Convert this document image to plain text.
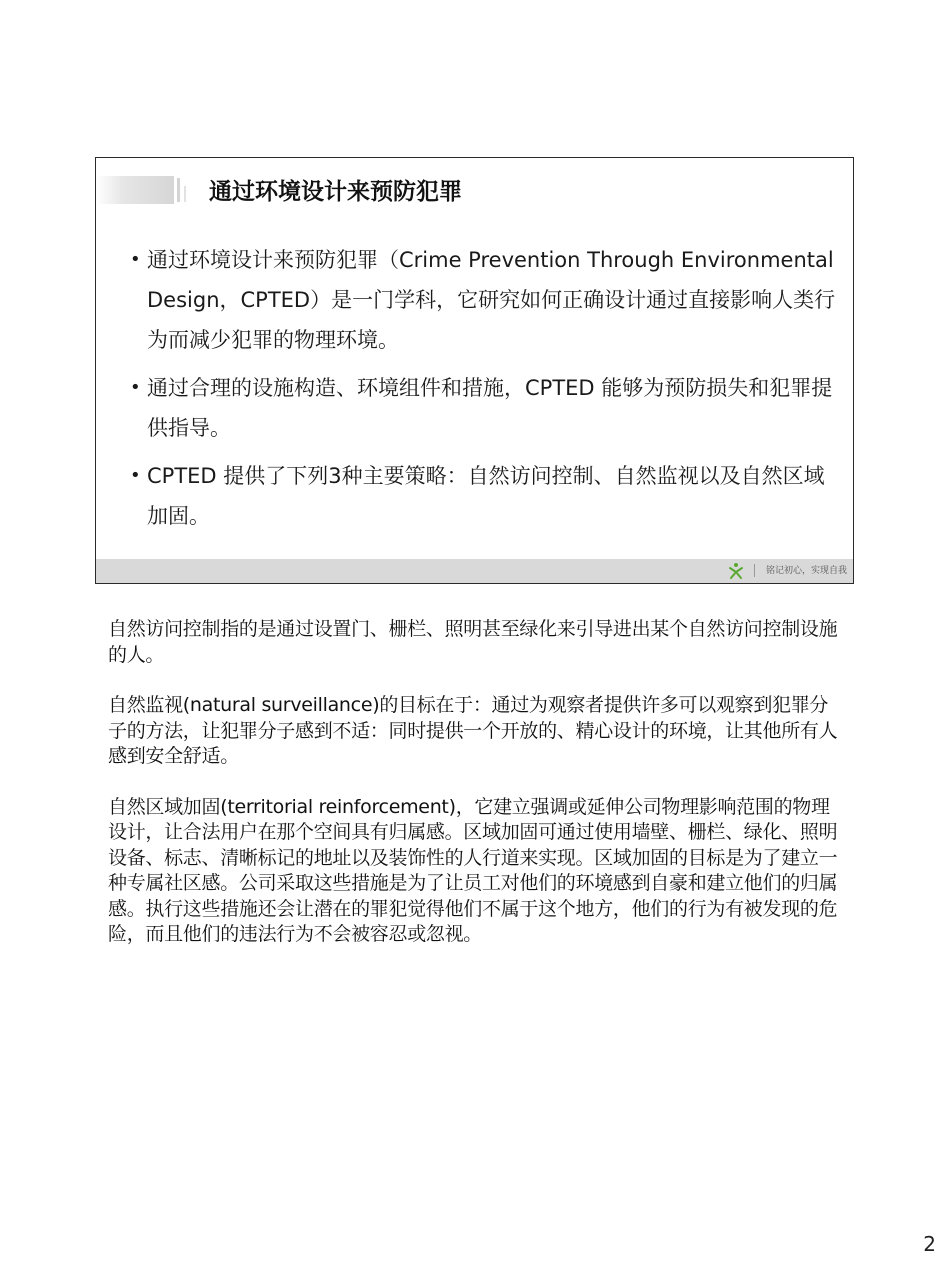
通过环境设计来预防犯罪
• 通过环境设计来预防犯罪（Crime Prevention Through Environmental Design，CPTED）是一门学科，它研究如何正确设计通过直接影响人类行为而减少犯罪的物理环境。
• 通过合理的设施构造、环境组件和措施，CPTED 能够为预防损失和犯罪提供指导。
• CPTED 提供了下列3种主要策略：自然访问控制、自然监视以及自然区域加固。
铭记初心，实现自我

自然访问控制指的是通过设置门、栅栏、照明甚至绿化来引导进出某个自然访问控制设施的人。

自然监视(natural surveillance)的目标在于：通过为观察者提供许多可以观察到犯罪分子的方法，让犯罪分子感到不适：同时提供一个开放的、精心设计的环境，让其他所有人感到安全舒适。

自然区域加固(territorial reinforcement)，它建立强调或延伸公司物理影响范围的物理设计，让合法用户在那个空间具有归属感。区域加固可通过使用墙壁、栅栏、绿化、照明设备、标志、清晰标记的地址以及装饰性的人行道来实现。区域加固的目标是为了建立一种专属社区感。公司采取这些措施是为了让员工对他们的环境感到自豪和建立他们的归属感。执行这些措施还会让潜在的罪犯觉得他们不属于这个地方，他们的行为有被发现的危险，而且他们的违法行为不会被容忍或忽视。

2
